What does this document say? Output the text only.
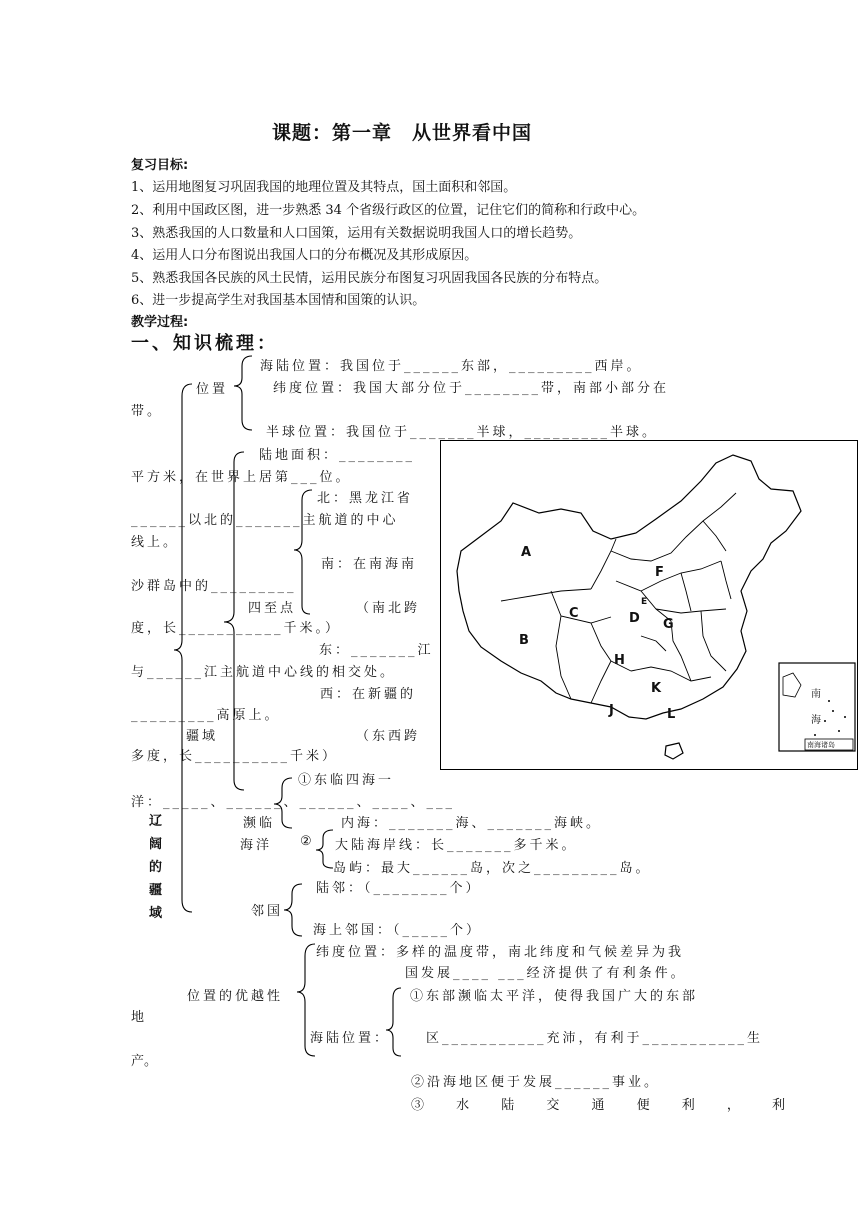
课题：第一章　从世界看中国
复习目标:
1、运用地图复习巩固我国的地理位置及其特点，国土面积和邻国。
2、利用中国政区图，进一步熟悉 34 个省级行政区的位置，记住它们的简称和行政中心。
3、熟悉我国的人口数量和人口国策，运用有关数据说明我国人口的增长趋势。
4、运用人口分布图说出我国人口的分布概况及其形成原因。
5、熟悉我国各民族的风土民情，运用民族分布图复习巩固我国各民族的分布特点。
6、进一步提高学生对我国基本国情和国策的认识。
教学过程:
一、知识梳理：
海陆位置：我国位于______东部，_________西岸。
位置	纬度位置：我国大部分位于________带，南部小部分在
带。
半球位置：我国位于_______半球，_________半球。
陆地面积：________
平方米，在世界上居第___位。
北：黑龙江省
______以北的_______主航道的中心
线上。
南：在南海南
沙群岛中的_________
四至点	（南北跨
度，长___________千米。）
东：_______江
与______江主航道中心线的相交处。
西：在新疆的
_________高原上。
疆域	（东西跨
多度，长__________千米）
①东临四海一
洋：_____、______、______、____、___
濒临	内海：_______海、_______海峡。
海洋 ② 大陆海岸线：长_______多千米。
岛屿：最大______岛，次之_________岛。
辽
阔
的
疆
域
陆邻：（________个）
邻国
海上邻国：（_____个）
纬度位置：多样的温度带，南北纬度和气候差异为我
国发展____ ___经济提供了有利条件。
位置的优越性	①东部濒临太平洋，使得我国广大的东部
地
海陆位置：	区___________充沛，有利于___________生
产。
②沿海地区便于发展______事业。
③ 水 陆 交 通 便 利 ， 利
A
B
C	D
E
F
G
H
J
K
L
南
海
南海诸岛
